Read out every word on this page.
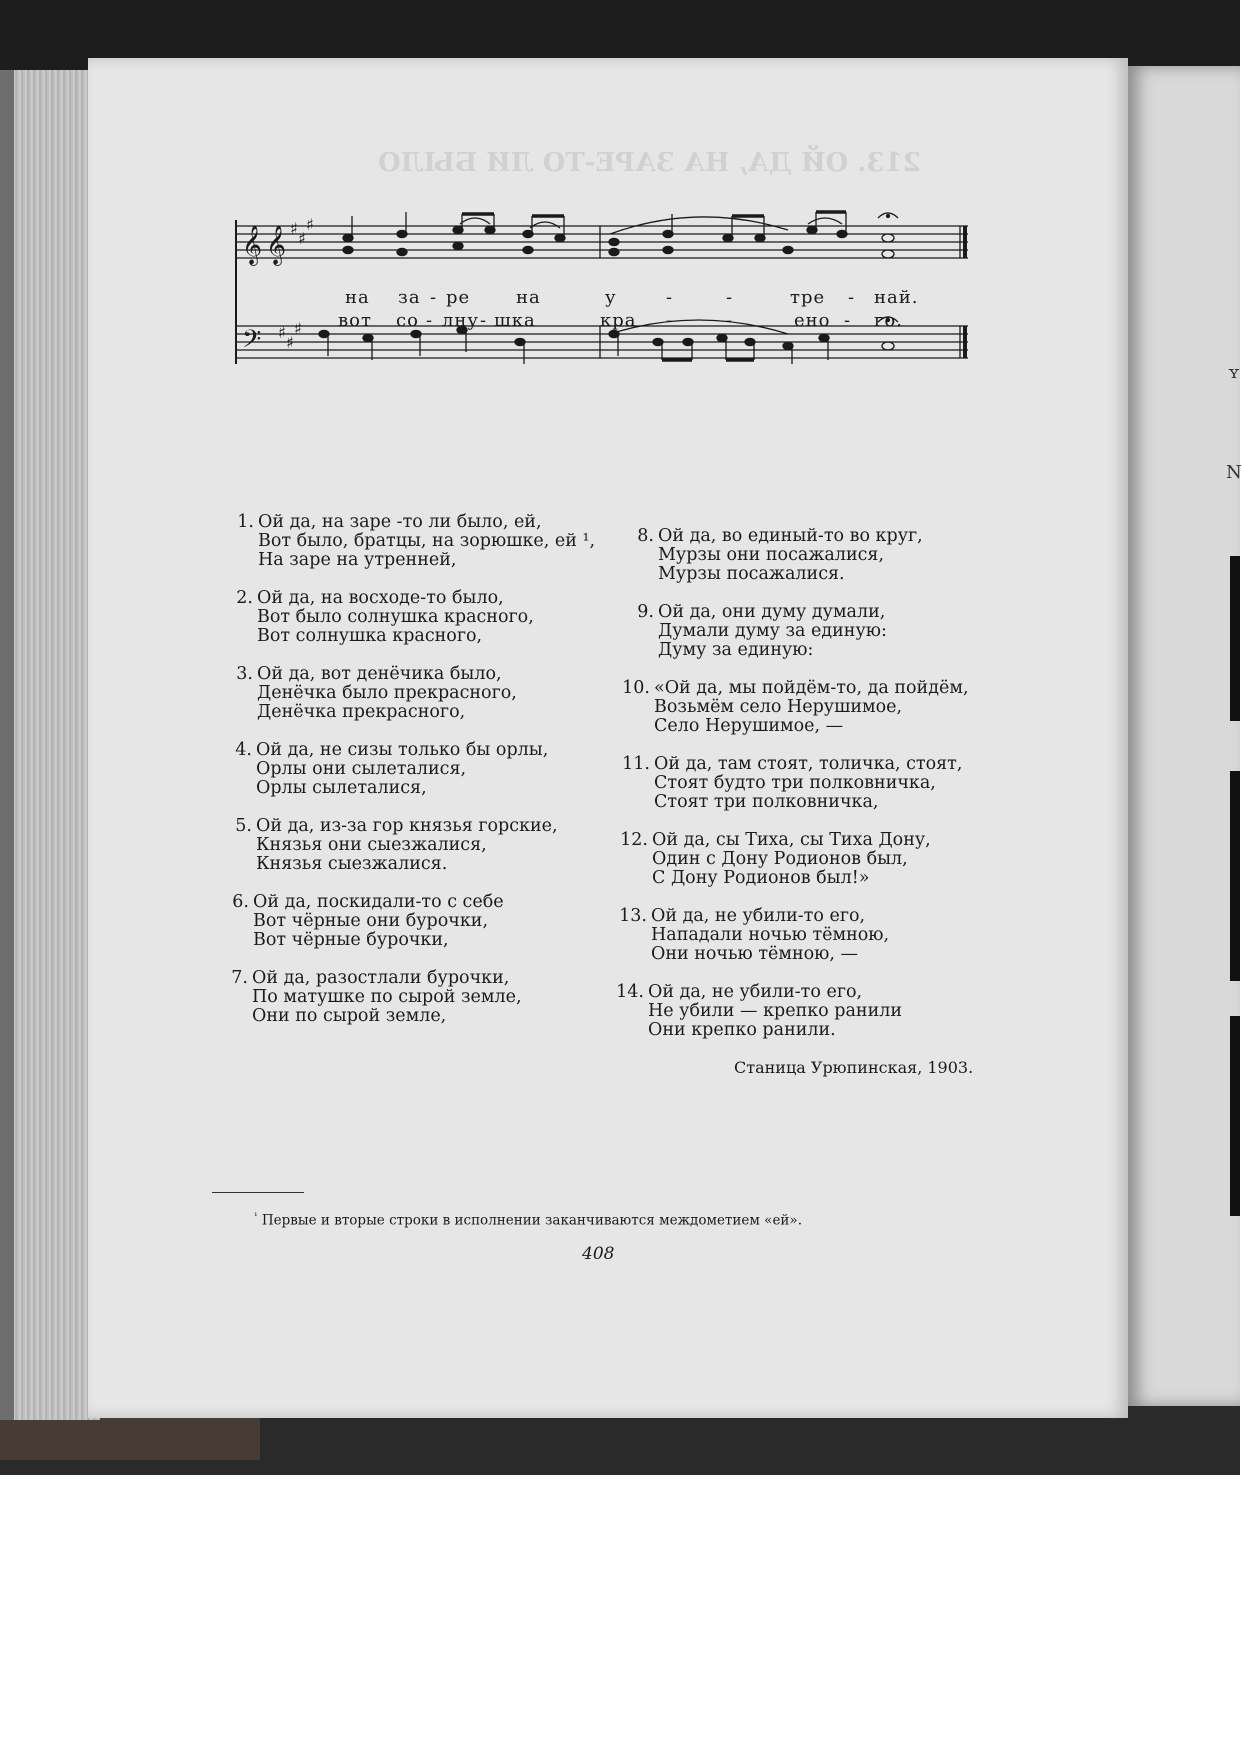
ʏ
N
213. ОЙ ДА, НА ЗАРЕ-ТО ЛИ БЫЛО
𝄞 𝄞 ♯
♯
♯
𝄢 ♯
♯
♯
на за - ре	на	у	-	-	тре - най.
вот со - лну - шка	кра -	-	ено - го.
1. Ой да, на заре -то ли было, ей,
Вот было, братцы, на зорюшке, ей ¹,
На заре на утренней,
2. Ой да, на восходе-то было,
Вот было солнушка красного,
Вот солнушка красного,
3. Ой да, вот денёчика было,
Денёчка было прекрасного,
Денёчка прекрасного,
4. Ой да, не сизы только бы орлы,
Орлы они сылеталися,
Орлы сылеталися,
5. Ой да, из-за гор князья горские,
Князья они сыезжалися,
Князья сыезжалися.
6. Ой да, поскидали-то с себе
Вот чёрные они бурочки,
Вот чёрные бурочки,
7. Ой да, разостлали бурочки,
По матушке по сырой земле,
Они по сырой земле,
8. Ой да, во единый-то во круг,
Мурзы они посажалися,
Мурзы посажалися.
9. Ой да, они думу думали,
Думали думу за единую:
Думу за единую:
10. «Ой да, мы пойдём-то, да пойдём,
Возьмём село Нерушимое,
Село Нерушимое, —
11. Ой да, там стоят, толичка, стоят,
Стоят будто три полковничка,
Стоят три полковничка,
12. Ой да, сы Тиха, сы Тиха Дону,
Один с Дону Родионов был,
С Дону Родионов был!»
13. Ой да, не убили-то его,
Нападали ночью тёмною,
Они ночью тёмною, —
14. Ой да, не убили-то его,
Не убили — крепко ранили
Они крепко ранили.
Станица Урюпинская, 1903.
$^{^1}$ Первые и вторые строки в исполнении заканчиваются междометием «ей».
408
